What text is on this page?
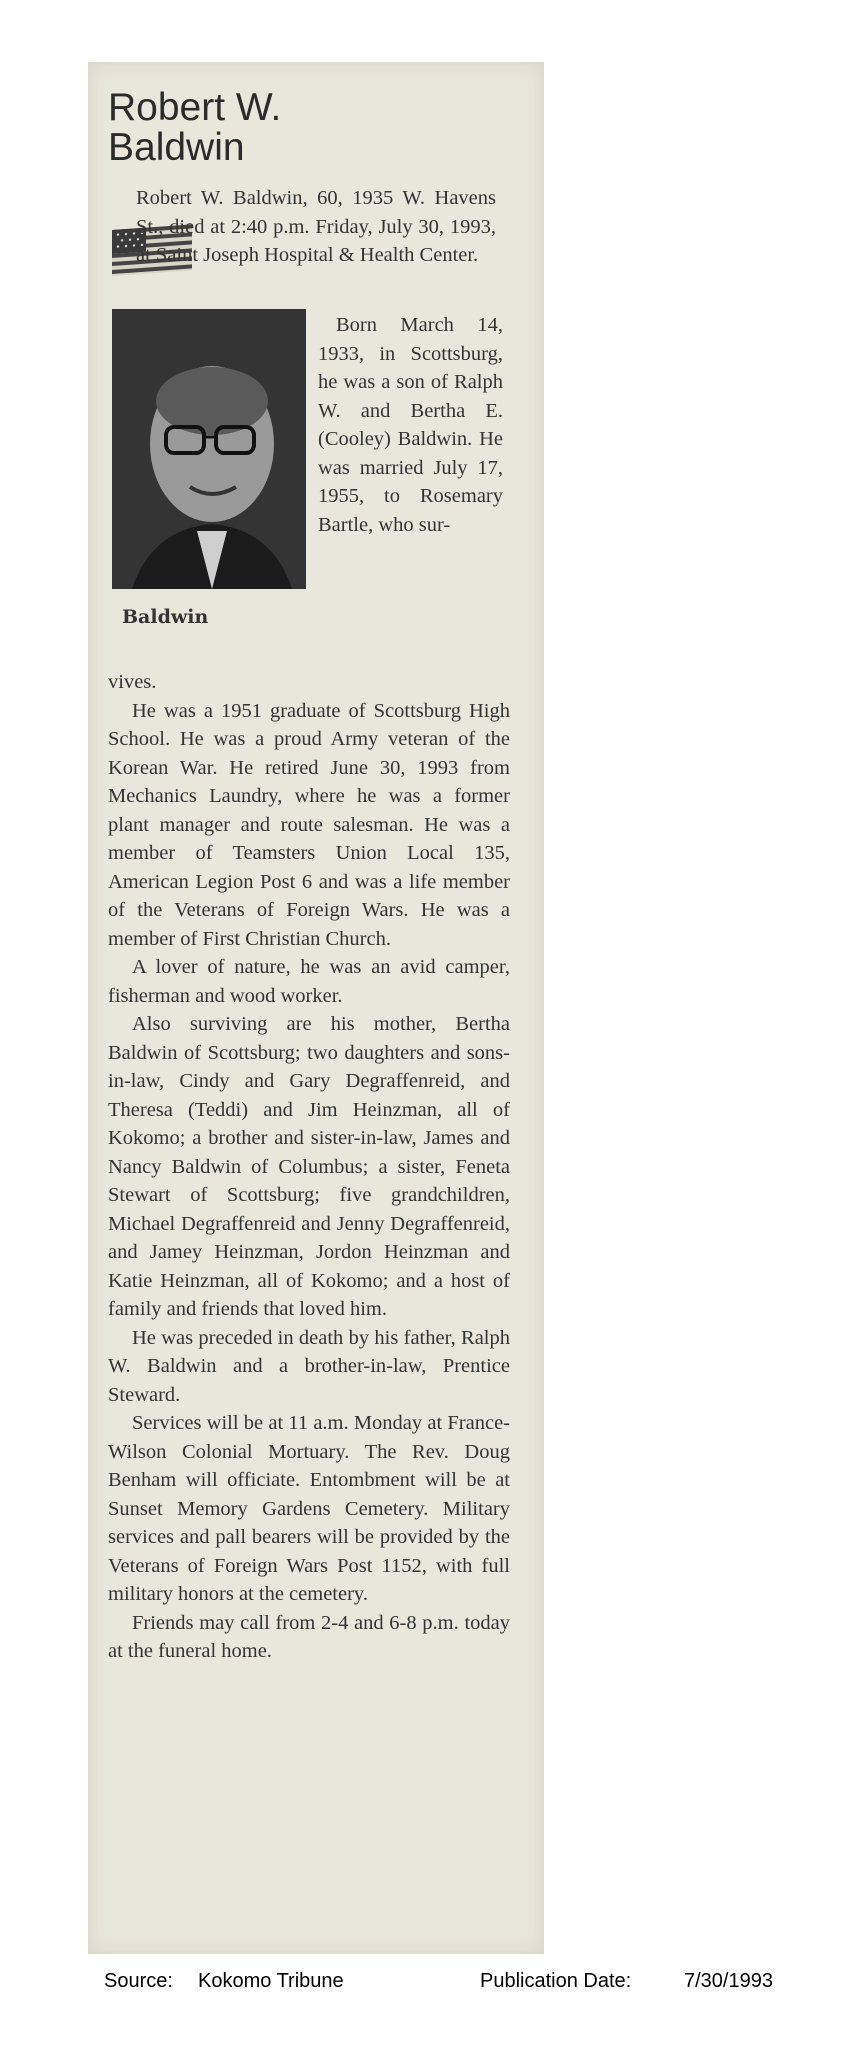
Robert W.
Baldwin

Robert W. Baldwin, 60, 1935 W. Havens St., died at 2:40 p.m. Friday, July 30, 1993, at Saint Joseph Hospital & Health Center.

Baldwin

Born March 14, 1933, in Scottsburg, he was a son of Ralph W. and Bertha E. (Cooley) Baldwin. He was married July 17, 1955, to Rosemary Bartle, who sur-

vives.

He was a 1951 graduate of Scottsburg High School. He was a proud Army veteran of the Korean War. He retired June 30, 1993 from Mechanics Laundry, where he was a former plant manager and route salesman. He was a member of Teamsters Union Local 135, American Legion Post 6 and was a life member of the Veterans of Foreign Wars. He was a member of First Christian Church.

A lover of nature, he was an avid camper, fisherman and wood worker.

Also surviving are his mother, Bertha Baldwin of Scottsburg; two daughters and sons-in-law, Cindy and Gary Degraffenreid, and Theresa (Teddi) and Jim Heinzman, all of Kokomo; a brother and sister-in-law, James and Nancy Baldwin of Columbus; a sister, Feneta Stewart of Scottsburg; five grandchildren, Michael Degraffenreid and Jenny Degraffenreid, and Jamey Heinzman, Jordon Heinzman and Katie Heinzman, all of Kokomo; and a host of family and friends that loved him.

He was preceded in death by his father, Ralph W. Baldwin and a brother-in-law, Prentice Steward.

Services will be at 11 a.m. Monday at France-Wilson Colonial Mortuary. The Rev. Doug Benham will officiate. Entombment will be at Sunset Memory Gardens Cemetery. Military services and pall bearers will be provided by the Veterans of Foreign Wars Post 1152, with full military honors at the cemetery.

Friends may call from 2-4 and 6-8 p.m. today at the funeral home.

Source: Kokomo Tribune	Publication Date:	7/30/1993
